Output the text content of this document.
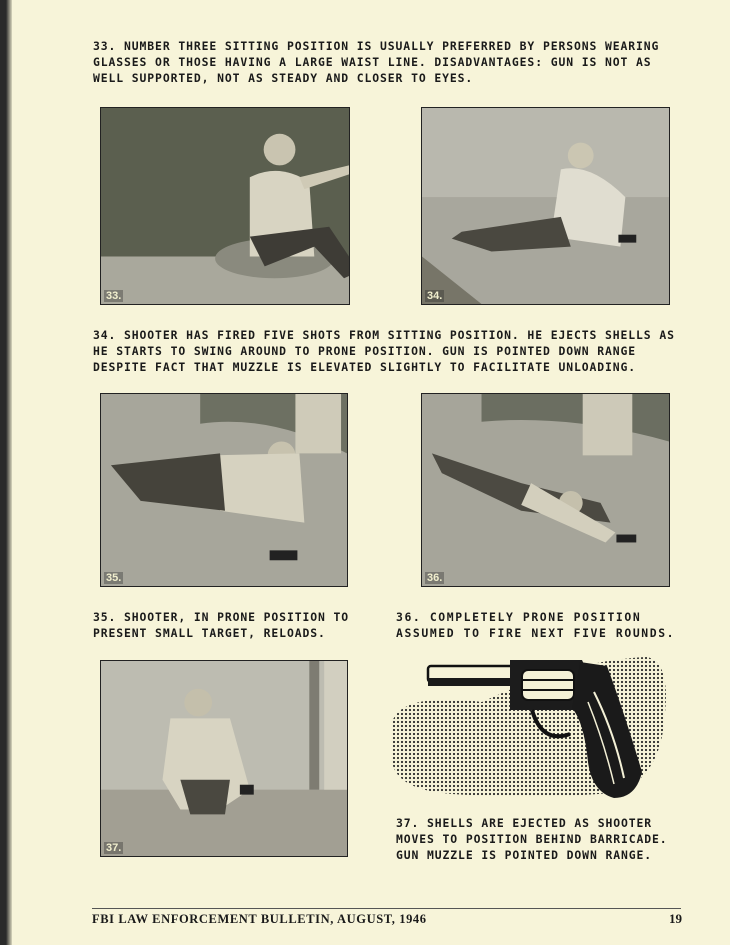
33. NUMBER THREE SITTING POSITION IS USUALLY PREFERRED BY PERSONS WEARING GLASSES OR THOSE HAVING A LARGE WAIST LINE. DISADVANTAGES: GUN IS NOT AS WELL SUPPORTED, NOT AS STEADY AND CLOSER TO EYES.
33.	34.
34. SHOOTER HAS FIRED FIVE SHOTS FROM SITTING POSITION. HE EJECTS SHELLS AS HE STARTS TO SWING AROUND TO PRONE POSITION. GUN IS POINTED DOWN RANGE DESPITE FACT THAT MUZZLE IS ELEVATED SLIGHTLY TO FACILITATE UNLOADING.
35.	36.
35. SHOOTER, IN PRONE POSITION TO PRESENT SMALL TARGET, RELOADS.
36. COMPLETELY PRONE POSITION ASSUMED TO FIRE NEXT FIVE ROUNDS.
37.
37. SHELLS ARE EJECTED AS SHOOTER MOVES TO POSITION BEHIND BARRICADE. GUN MUZZLE IS POINTED DOWN RANGE.
FBI LAW ENFORCEMENT BULLETIN, AUGUST, 1946	19
